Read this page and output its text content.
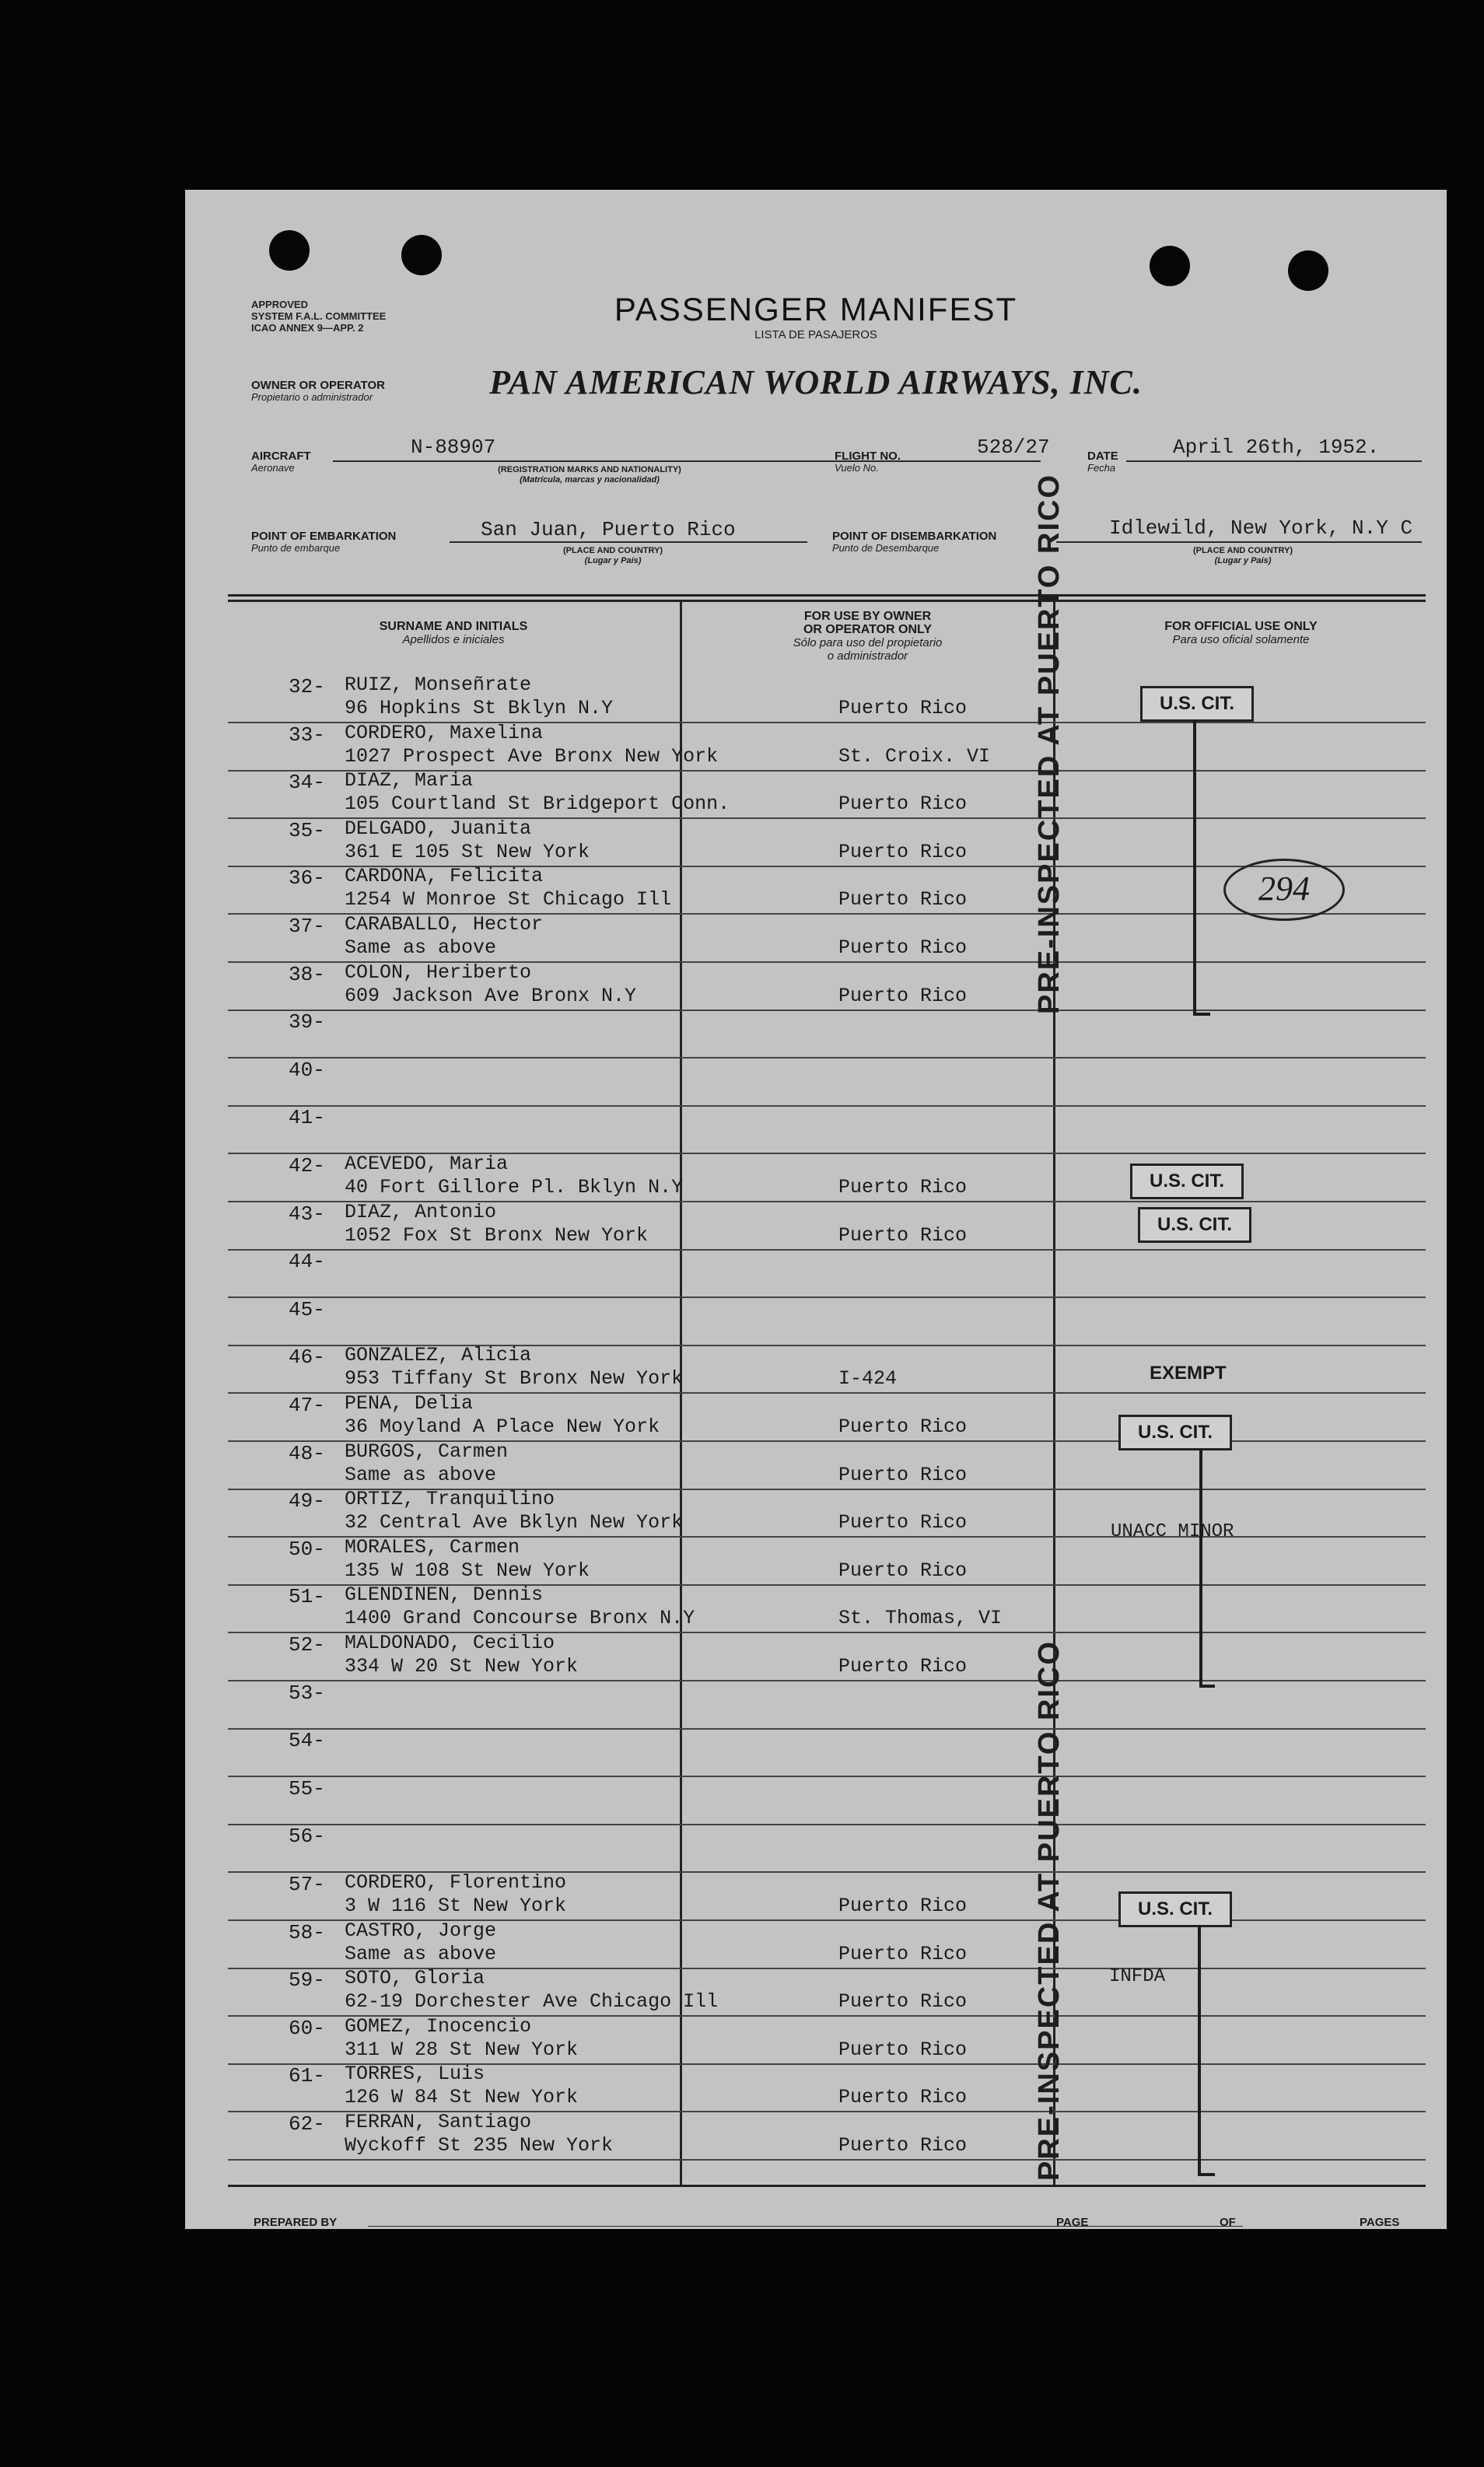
APPROVED
SYSTEM F.A.L. COMMITTEE
ICAO ANNEX 9—APP. 2
PASSENGER MANIFEST
LISTA DE PASAJEROS
OWNER OR OPERATOR
Propietario o administrador	PAN AMERICAN WORLD AIRWAYS, INC.
AIRCRAFT
Aeronave
N-88907
(REGISTRATION MARKS AND NATIONALITY)
(Matrícula, marcas y nacionalidad)
FLIGHT NO.
Vuelo No.
528/27	DATE
Fecha
April 26th, 1952.
POINT OF EMBARKATION
Punto de embarque
San Juan, Puerto Rico
(PLACE AND COUNTRY)
(Lugar y País)
POINT OF DISEMBARKATION
Punto de Desembarque
Idlewild, New York, N.Y C
(PLACE AND COUNTRY)
(Lugar y País)
SURNAME AND INITIALS
Apellidos e iniciales
FOR USE BY OWNER
OR OPERATOR ONLY
Sólo para uso del propietario
o administrador
FOR OFFICIAL USE ONLY
Para uso oficial solamente
32- RUIZ, Monseñrate
96 Hopkins St Bklyn N.Y	Puerto Rico
33- CORDERO, Maxelina
1027 Prospect Ave Bronx New York	St. Croix. VI
34- DIAZ, Maria
105 Courtland St Bridgeport Conn.	Puerto Rico
35- DELGADO, Juanita
361 E 105 St New York	Puerto Rico
36- CARDONA, Felicita
1254 W Monroe St Chicago Ill	Puerto Rico
37- CARABALLO, Hector
Same as above	Puerto Rico
38- COLON, Heriberto
609 Jackson Ave Bronx N.Y	Puerto Rico
39-
40-
41-
42- ACEVEDO, Maria
40 Fort Gillore Pl. Bklyn N.Y	Puerto Rico
43- DIAZ, Antonio
1052 Fox St Bronx New York	Puerto Rico
44-
45-
46- GONZALEZ, Alicia
953 Tiffany St Bronx New York	I-424
47- PENA, Delia
36 Moyland A Place New York	Puerto Rico
48- BURGOS, Carmen
Same as above	Puerto Rico
49- ORTIZ, Tranquilino
32 Central Ave Bklyn New York	Puerto Rico
50- MORALES, Carmen
135 W 108 St New York	Puerto Rico
51- GLENDINEN, Dennis
1400 Grand Concourse Bronx N.Y	St. Thomas, VI
52- MALDONADO, Cecilio
334 W 20 St New York	Puerto Rico
53-
54-
55-
56-
57- CORDERO, Florentino
3 W 116 St New York	Puerto Rico
58- CASTRO, Jorge
Same as above	Puerto Rico
59- SOTO, Gloria
62-19 Dorchester Ave Chicago Ill	Puerto Rico
60- GOMEZ, Inocencio
311 W 28 St New York	Puerto Rico
61- TORRES, Luis
126 W 84 St New York	Puerto Rico
62- FERRAN, Santiago
Wyckoff St 235 New York	Puerto Rico
U.S. CIT.
294
U.S. CIT.
U.S. CIT.
EXEMPT
U.S. CIT.
UNACC MINOR
U.S. CIT.
INFDA
PRE-INSPECTED AT PUERTO RICO
PRE-INSPECTED AT PUERTO RICO
PREPARED BY	PAGE	OF	PAGES
